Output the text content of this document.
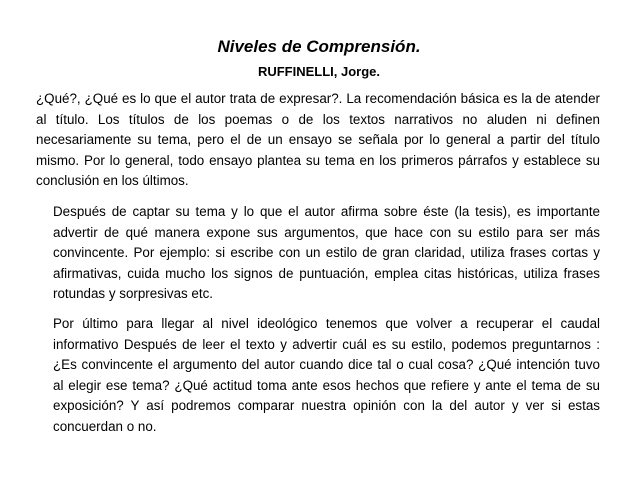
Niveles de Comprensión.
RUFFINELLI, Jorge.

¿Qué?, ¿Qué es lo que el autor trata de expresar?. La recomendación básica es la de atender al título. Los títulos de los poemas o de los textos narrativos no aluden ni definen necesariamente su tema, pero el de un ensayo se señala por lo general a partir del título mismo. Por lo general, todo ensayo plantea su tema en los primeros párrafos y establece su conclusión en los últimos.

Después de captar su tema y lo que el autor afirma sobre éste (la tesis), es importante advertir de qué manera expone sus argumentos, que hace con su estilo para ser más convincente. Por ejemplo: si escribe con un estilo de gran claridad, utiliza frases cortas y afirmativas, cuida mucho los signos de puntuación, emplea citas históricas, utiliza frases rotundas y sorpresivas etc.

Por último para llegar al nivel ideológico tenemos que volver a recuperar el caudal informativo Después de leer el texto y advertir cuál es su estilo, podemos preguntarnos : ¿Es convincente el argumento del autor cuando dice tal o cual cosa? ¿Qué intención tuvo al elegir ese tema? ¿Qué actitud toma ante esos hechos que refiere y ante el tema de su exposición? Y así podremos comparar nuestra opinión con la del autor y ver si estas concuerdan o no.
